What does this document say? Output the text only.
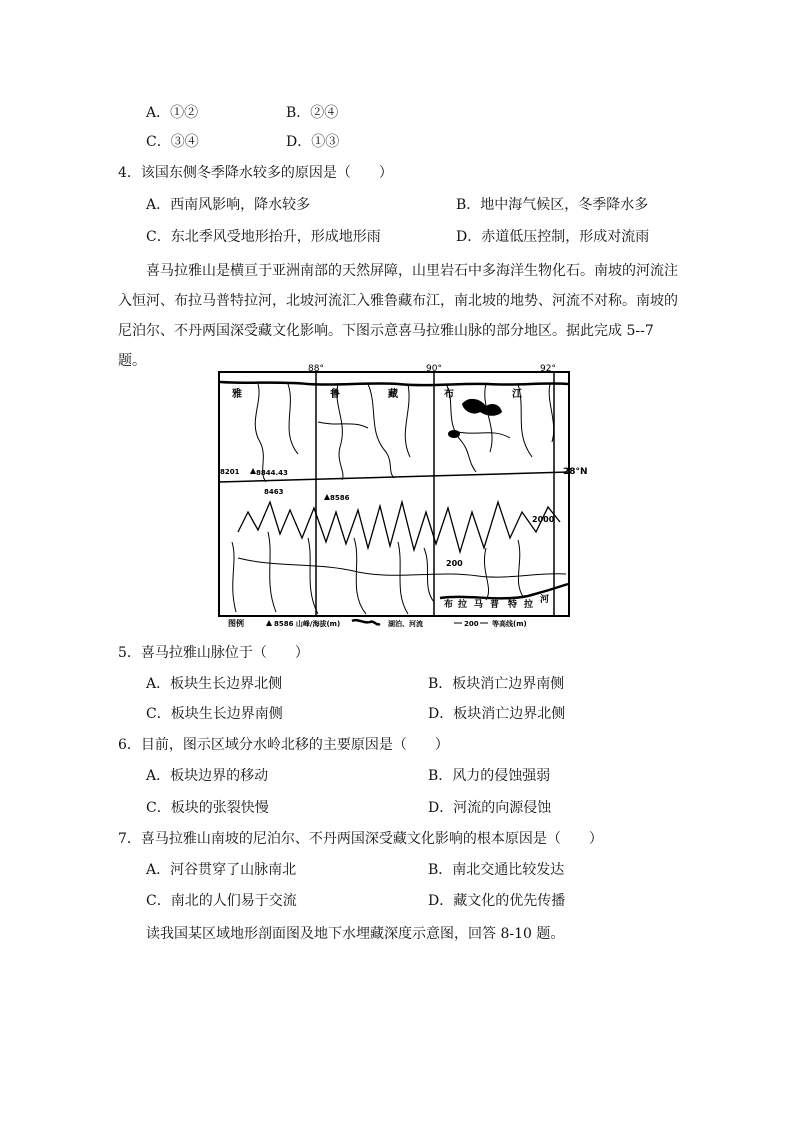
A．①②	B．②④
C．③④	D．①③
4．该国东侧冬季降水较多的原因是（　　）
A．西南风影响，降水较多	B．地中海气候区，冬季降水多
C．东北季风受地形抬升，形成地形雨	D．赤道低压控制，形成对流雨
喜马拉雅山是横亘于亚洲南部的天然屏障，山里岩石中多海洋生物化石。南坡的河流注入恒河、布拉马普特拉河，北坡河流汇入雅鲁藏布江，南北坡的地势、河流不对称。南坡的尼泊尔、不丹两国深受藏文化影响。下图示意喜马拉雅山脉的部分地区。据此完成 5--7 题。	88°	90°	92°
28°N
雅	鲁	藏	布	江
8201 8844.43
8463
8586
2000
200
布 拉 马 普 特 拉 河
图例	8586 山峰/海拔(m)	湖泊、河流	200 等高线(m)
5．喜马拉雅山脉位于（　　）
A．板块生长边界北侧	B．板块消亡边界南侧
C．板块生长边界南侧	D．板块消亡边界北侧
6．目前，图示区域分水岭北移的主要原因是（　　）
A．板块边界的移动	B．风力的侵蚀强弱
C．板块的张裂快慢	D．河流的向源侵蚀
7．喜马拉雅山南坡的尼泊尔、不丹两国深受藏文化影响的根本原因是（　　）
A．河谷贯穿了山脉南北	B．南北交通比较发达
C．南北的人们易于交流	D．藏文化的优先传播
读我国某区域地形剖面图及地下水埋藏深度示意图，回答 8-10 题。
